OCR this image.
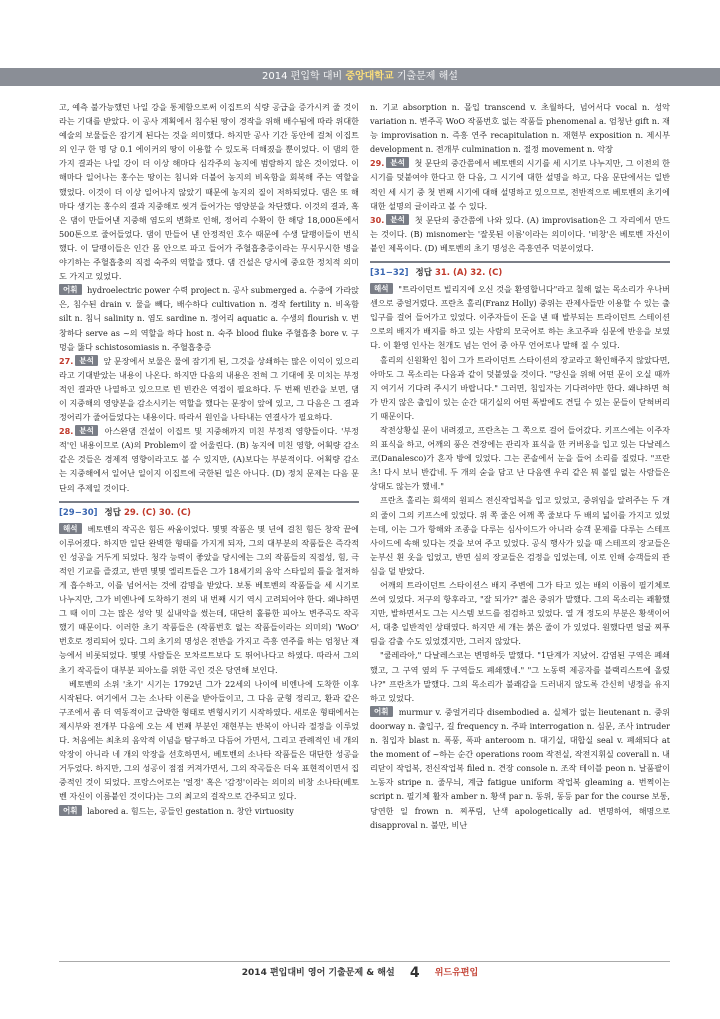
2014 편입학 대비 중앙대학교 기출문제 해설

고, 예측 불가능했던 나일 강을 통제함으로써 이집트의 식량 공급을 증가시켜 줄 것이라는 기대를 받았다. 이 공사 계획에서 침수된 땅이 경작을 위해 배수됨에 따라 위대한 예술의 보물들은 잠기게 된다는 것을 의미했다. 하지만 공사 기간 동안에 걸쳐 이집트의 인구 한 명 당 0.1 에이커의 땅이 이용할 수 있도록 더해졌을 뿐이었다. 이 댐의 한 가지 결과는 나일 강이 더 이상 해마다 심각주의 농지에 범람하지 않은 것이었다. 이 해마다 일어나는 홍수는 땅이는 침니와 더불어 농지의 비옥함을 회복해 주는 역할을 했었다. 이것이 더 이상 일어나지 않았기 때문에 농지의 질이 저하되었다. 댐은 또 해마다 생기는 홍수의 결과 지중해로 씻겨 들어가는 영양분을 차단했다. 이것의 결과, 혹은 댐이 만들어낸 지중해 염도의 변화로 인해, 정어리 수확이 한 해당 18,000톤에서 500톤으로 줄어들었다. 댐이 만들어 낸 안정적인 호수 때문에 수생 달팽이들이 번식했다. 이 달팽이들은 인간 몸 안으로 파고 들어가 주혈흡충증이라는 무시무시한 병을 야기하는 주혈흡충의 직접 숙주의 역할을 했다. 댐 건설은 당시에 중요한 정치적 의미도 가지고 있었다.

어휘 hydroelectric power 수력 project n. 공사 submerged a. 수중에 가라앉은, 침수된 drain v. 물을 빼다, 배수하다 cultivation n. 경작 fertility n. 비옥함 silt n. 침니 salinity n. 염도 sardine n. 정어리 aquatic a. 수생의 flourish v. 번창하다 serve as ~의 역할을 하다 host n. 숙주 blood fluke 주혈흡충 bore v. 구멍을 뚫다 schistosomiasis n. 주혈흡충증

27. 분석 앞 문장에서 보물은 물에 잠기게 된, 그것을 상쇄하는 많은 이익이 있으리라고 기대받았는 내용이 나온다. 하지만 다음의 내용은 전혀 그 기대에 못 미치는 부정적인 결과만 나열하고 있으므로 빈 빈칸은 역접이 필요하다. 두 번째 빈칸을 보면, 댐이 지중해의 영양분을 감소시키는 역할을 했다는 문장이 앞에 있고, 그 다음은 그 결과 정어리가 줄어들었다는 내용이다. 따라서 원인을 나타내는 연결사가 필요하다.

28. 분석 아스완댐 건설이 이집트 및 지중해까지 미친 부정적 영향들이다. '부정적'인 내용이므로 (A)의 Problem이 잘 어울린다. (B) 농지에 미친 영향, 어획량 감소 같은 것들은 경제적 영향이라고도 볼 수 있지만, (A)보다는 부분적이다. 어획량 감소는 지중해에서 일어난 일이지 이집트에 국한된 일은 아니다. (D) 정치 문제는 다음 문단의 주제일 것이다.

[29−30] 정답 29. (C) 30. (C)

해석 베토벤의 작곡은 힘든 싸움이었다. 몇몇 작품은 몇 년에 걸친 힘든 창작 끝에 이루어졌다. 하지만 일단 완벽한 형태를 가지게 되자, 그의 대부분의 작품들은 즉각적인 성공을 거두게 되었다. 청각 능력이 좋았을 당시에는 그의 작품들의 직접성, 힘, 극적인 기교를 즐겼고, 반면 몇몇 엘리트들은 그가 18세기의 음악 스타일의 틀을 철저하게 흡수하고, 이를 넘어서는 것에 감명을 받았다. 보통 베토벤의 작품들을 세 시기로 나누지만, 그가 비엔나에 도착하기 전의 내 번째 시기 역시 고려되어야 한다. 왜냐하면 그 때 이미 그는 많은 성악 및 실내악을 썼는데, 대단히 훌륭한 피아노 변주곡도 작곡했기 때문이다. 이러한 초기 작품들은 (작품번호 없는 작품들이라는 의미의) 'WoO' 번호로 정리되어 있다. 그의 초기의 명성은 전반을 가지고 즉흥 연주를 하는 엄청난 재능에서 비롯되었다. 몇몇 사람들은 모차르트보다 도 뛰어나다고 하였다. 따라서 그의 초기 작곡들이 대부분 피아노를 위한 곡인 것은 당연해 보인다.

베토벤의 소위 '초기' 시기는 1792년 그가 22세의 나이에 비엔나에 도착한 이후 시작된다. 여기에서 그는 소나타 이론을 받아들이고, 그 다음 균형 정리고, 환과 같은 구조에서 좀 더 역동적이고 급박한 형태로 변형시키기 시작하였다. 새로운 형태에서는 제시부와 전개부 다음에 오는 세 번째 부분인 재현부는 반복이 아니라 절정을 이루었다. 처음에는 최초의 음악적 이념을 탐구하고 다듬어 가면서, 그리고 관례적인 네 개의 악장이 아니라 네 개의 악장을 선호하면서, 베토벤의 소나타 작품들은 대단한 성공을 거두었다. 하지만, 그의 성공이 점점 커져가면서, 그의 작곡들은 더욱 표현적이면서 집중적인 것이 되었다. 프랑스어로는 '얼정' 혹은 '감정'이라는 의미의 비창 소나타(베토벤 자신이 이름붙인 것이다)는 그의 최고의 걸작으로 간주되고 있다.

어휘 labored a. 힘드는, 공들인 gestation n. 창안 virtuosity

n. 기교 absorption n. 몰입 transcend v. 초월하다, 넘어서다 vocal n. 성악 variation n. 변주곡 WoO 작품번호 없는 작품들 phenomenal a. 엄청난 gift n. 재능 improvisation n. 즉흥 연주 recapitulation n. 재현부 exposition n. 제시부 development n. 전개부 culmination n. 절정 movement n. 악장

29. 분석 첫 문단의 중간쯤에서 베토벤의 시기를 세 시기로 나누지만, 그 이전의 한 시기를 덧붙여야 한다고 한 다음, 그 시기에 대한 설명을 하고, 다음 문단에서는 일반적인 세 시기 중 첫 번째 시기에 대해 설명하고 있으므로, 전반적으로 베토벤의 초기에 대한 설명의 글이라고 볼 수 있다.

30. 분석 첫 문단의 중간쯤에 나와 있다. (A) improvisation은 그 자리에서 만드는 것이다. (B) misnomer는 '잘못된 이름'이라는 의미이다. '비창'은 베토벤 자신이 붙인 제목이다. (D) 베토벤의 초기 명성은 즉흥연주 덕분이었다.

[31−32] 정답 31. (A) 32. (C)

해석 "트라이던트 빌리지에 오신 것을 환영합니다"라고 칠해 없는 목소리가 우나버센으로 중얼거렸다. 프란츠 홀리(Franz Holly) 중위는 관제사들만 이용할 수 있는 출입구를 걸어 들어가고 있었다. 이주자들이 돈을 낸 때 발부되는 트라이던트 스테이션으로의 배지가 배지를 하고 있는 사람의 모국어로 하는 초고주파 심문에 반응을 보였다. 이 환영 인사는 천개도 넘는 언어 중 아무 언어로나 말해 질 수 있다.

홀리의 신원확인 칩이 그가 트라이던트 스타이션의 장교라고 확인해주지 않았다면, 아마도 그 목소리는 다음과 같이 덧붙였을 것이다. "당신을 위해 어떤 문이 오실 때까지 여기서 기다려 주시기 바랍니다." 그러면, 침입자는 기다려야만 한다. 왜냐하면 혀가 반지 않은 출입이 있는 순간 대기실의 어떤 폭발에도 견딜 수 있는 문들이 닫혀버리기 때문이다.

작전상황실 문이 내려졌고, 프란츠는 그 쪽으로 걸어 들어갔다. 키프스에는 이주자의 표식을 하고, 어깨의 풍은 견장에는 관리자 표식을 한 커버옹을 입고 있는 다날레스코(Danalesco)가 혼자 방에 있었다. 그는 콘솔에서 눈을 들어 소리를 질렀다. "프란츠! 다시 보니 반갑네. 두 개의 숟을 담고 난 다음엔 우리 같은 뭐 볼일 없는 사람들은 상대도 않는가 했네."

프란츠 홀리는 회색의 원피스 전신작업복을 입고 있었고, 중위임을 알려주는 두 개의 줄이 그의 키프스에 있었다. 위 쪽 줄은 어깨 쪽 줄보다 두 배의 넓이를 가지고 있었는데, 이는 그가 항해와 조종을 다루는 심사이드가 아니라 승객 문제를 다루는 스테프 사이드에 속해 있다는 것을 보여 주고 있었다. 공식 행사가 있을 때 스테프의 장교들은 눈부신 흰 옷을 입었고, 반면 심의 장교들은 검정을 입었는데, 이로 인해 승객들의 관심을 덜 받았다.

어깨의 트라이던트 스타이션스 배지 주변에 그가 타고 있는 배의 이름이 필기체로 쓰여 있었다. 저구의 항후라고, "잘 되가?" 젊은 중위가 말했다. 그의 목소리는 쾌활했지만, 발하면서도 그는 시스템 보드를 점검하고 있었다. 열 개 정도의 부분은 황색이어서, 대충 일반적인 상태였다. 하지만 세 개는 붉은 줄이 가 있었다. 원했다면 얼굴 찌푸림을 감출 수도 있었겠지만, 그러지 않았다.

"쿨레라아," 다날레스코는 변명하듯 말했다. "1단계가 지났어. 감염된 구역은 폐쇄했고, 그 구역 옆의 두 구역들도 폐쇄했네." "그 노동력 제공자를 블랙리스트에 올렸나?" 프란츠가 말했다. 그의 목소리가 불쾌감을 드러내지 않도록 간신히 냉정을 유지하고 있었다.

어휘 murmur v. 중얼거리다 disembodied a. 실체가 없는 lieutenant n. 중위 doorway n. 출입구, 길 frequency n. 주파 interrogation n. 심문, 조사 intruder n. 침입자 blast n. 폭풍, 폭파 anteroom n. 대기실, 대합실 seal v. 폐쇄되다 at the moment of ~하는 순간 operations room 작전실, 작전지휘실 coverall n. 내리닫이 작업복, 전신작업복 filed n. 견장 console n. 조작 테이블 peon n. 날품팔이 노동자 stripe n. 줄무늬, 계급 fatigue uniform 작업복 gleaming a. 번쩍이는 script n. 필기체 활자 amber n. 황색 par n. 동위, 동등 par for the course 보통, 당연한 일 frown n. 찌푸림, 난색 apologetically ad. 변명하여, 해명으로 disapproval n. 불만, 비난

2014 편입대비 영어 기출문제 & 해설 4 위드유편입
